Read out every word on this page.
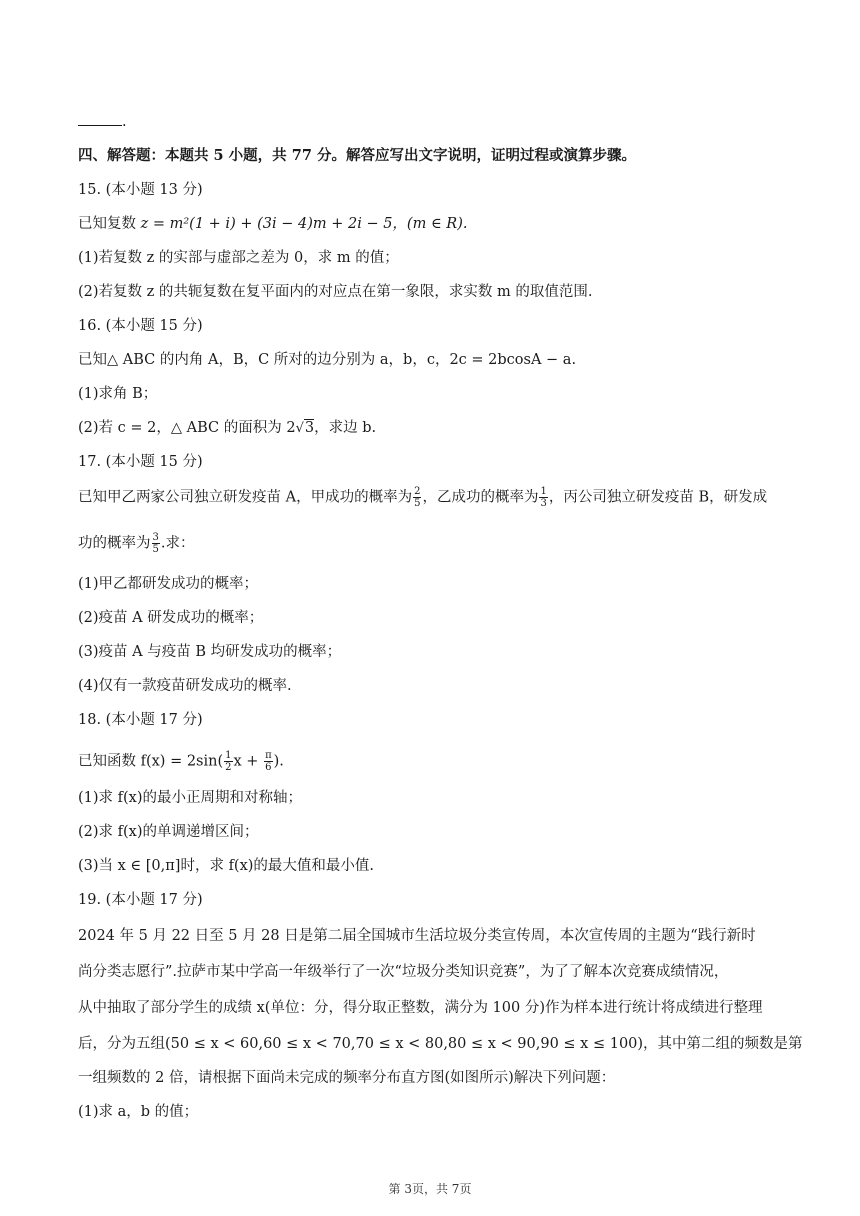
.
四、解答题：本题共 5 小题，共 77 分。解答应写出文字说明，证明过程或演算步骤。
15. (本小题 13 分)
已知复数 z = m²(1 + i) + (3i − 4)m + 2i − 5，(m ∈ R).
(1)若复数 z 的实部与虚部之差为 0，求 m 的值；
(2)若复数 z 的共轭复数在复平面内的对应点在第一象限，求实数 m 的取值范围.
16. (本小题 15 分)
已知△ ABC 的内角 A，B，C 所对的边分别为 a，b，c，2c = 2bcosA − a.
(1)求角 B；
(2)若 c = 2，△ ABC 的面积为 2√3，求边 b.
17. (本小题 15 分)
已知甲乙两家公司独立研发疫苗 A，甲成功的概率为 $\frac{2}{5}$ ，乙成功的概率为 $\frac{1}{3}$ ，丙公司独立研发疫苗 B，研发成
功的概率为 $\frac{3}{5}$ .求：
(1)甲乙都研发成功的概率；
(2)疫苗 A 研发成功的概率；
(3)疫苗 A 与疫苗 B 均研发成功的概率；
(4)仅有一款疫苗研发成功的概率.
18. (本小题 17 分)
已知函数 $f(x) = 2\sin( \frac{1}{2}$ $x + \frac{\pi}{6}$ ).
(1)求 f(x)的最小正周期和对称轴；
(2)求 f(x)的单调递增区间；
(3)当 x ∈ [0,π]时，求 f(x)的最大值和最小值.
19. (本小题 17 分)
2024 年 5 月 22 日至 5 月 28 日是第二届全国城市生活垃圾分类宣传周，本次宣传周的主题为“践行新时
尚分类志愿行”.拉萨市某中学高一年级举行了一次“垃圾分类知识竞赛”，为了了解本次竞赛成绩情况，
从中抽取了部分学生的成绩 x(单位：分，得分取正整数，满分为 100 分)作为样本进行统计将成绩进行整理
后，分为五组(50 ≤ x < 60,60 ≤ x < 70,70 ≤ x < 80,80 ≤ x < 90,90 ≤ x ≤ 100)，其中第二组的频数是第
一组频数的 2 倍，请根据下面尚未完成的频率分布直方图(如图所示)解决下列问题：
(1)求 a，b 的值；
第 3页，共 7页
